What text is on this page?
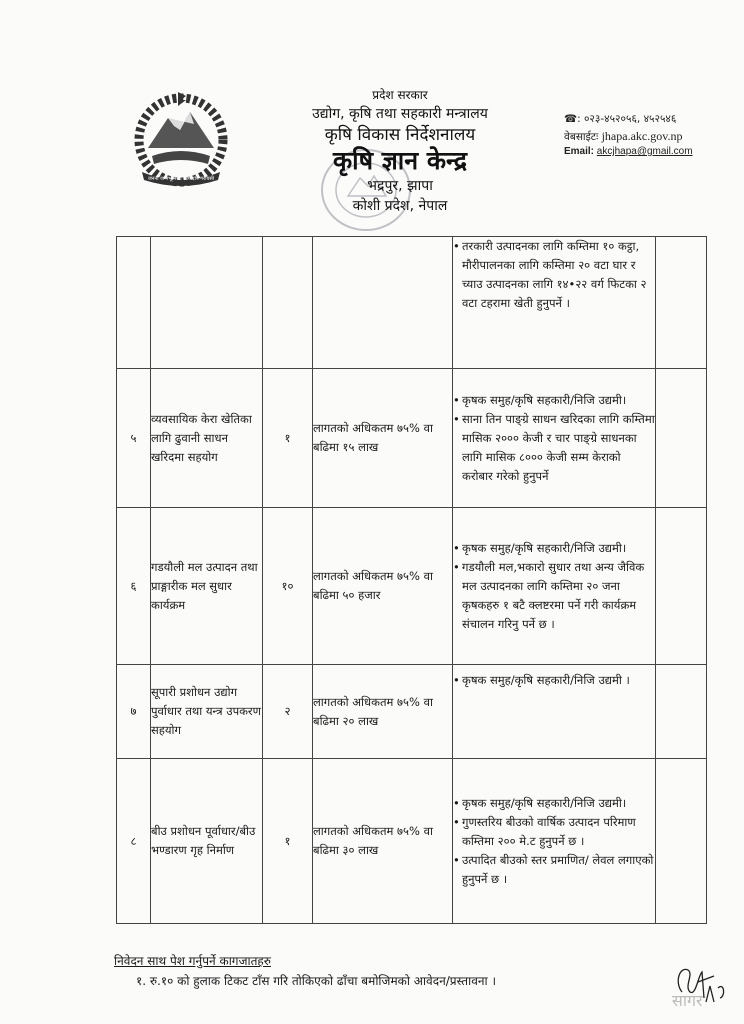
जननी जन्मभूमिश्च स्वर्गादपि गरीयसी
प्रदेश सरकार
उद्योग, कृषि तथा सहकारी मन्त्रालय
कृषि विकास निर्देशनालय
कृषि ज्ञान केन्द्र
भद्रपुर, झापा
कोशी प्रदेश, नेपाल
☎: ०२३-४५२०५६, ४५२५४६
वेबसाईटः jhapa.akc.gov.np
Email: akcjhapa@gmail.com

				• तरकारी उत्पादनका लागि कम्तिमा १० कट्ठा, मौरीपालनका लागि कम्तिमा २० वटा घार र च्याउ उत्पादनका लागि १४•२२ वर्ग फिटका २ वटा टहरामा खेती हुनुपर्ने ।

५	व्यवसायिक केरा खेतिका लागि ढुवानी साधन खरिदमा सहयोग	१	लागतको अधिकतम ७५% वा बढिमा १५ लाख	• कृषक समुह/कृषि सहकारी/निजि उद्यमी।
• साना तिन पाङ्ग्रे साधन खरिदका लागि कम्तिमा मासिक २००० केजी र चार पाङ्ग्रे साधनका लागि मासिक ८००० केजी सम्म केराको करोबार गरेको हुनुपर्ने

६	गडयौली मल उत्पादन तथा प्राङ्गारीक मल सुधार कार्यक्रम	१०	लागतको अधिकतम ७५% वा बढिमा ५० हजार	• कृषक समुह/कृषि सहकारी/निजि उद्यमी।
• गडयौली मल,भकारो सुधार तथा अन्य जैविक मल उत्पादनका लागि कम्तिमा २० जना कृषकहरु १ बटै क्लष्टरमा पर्ने गरी कार्यक्रम संचालन गरिनु पर्ने छ ।

७	सूपारी प्रशोधन उद्योग पुर्वाधार तथा यन्त्र उपकरण सहयोग	२	लागतको अधिकतम ७५% वा बढिमा २० लाख	• कृषक समुह/कृषि सहकारी/निजि उद्यमी ।

८	बीउ प्रशोधन पूर्वाधार/बीउ भण्डारण गृह निर्माण	१	लागतको अधिकतम ७५% वा बढिमा ३० लाख	• कृषक समुह/कृषि सहकारी/निजि उद्यमी।
• गुणस्तरिय बीउको वार्षिक उत्पादन परिमाण कम्तिमा २०० मे.ट हुनुपर्ने छ ।
• उत्पादित बीउको स्तर प्रमाणित/ लेवल लगाएको हुनुपर्ने छ ।

निवेदन साथ पेश गर्नुपर्ने कागजातहरु
१. रु.१० को हुलाक टिकट टाँस गरि तोकिएको ढाँचा बमोजिमको आवेदन/प्रस्तावना ।
सागर
